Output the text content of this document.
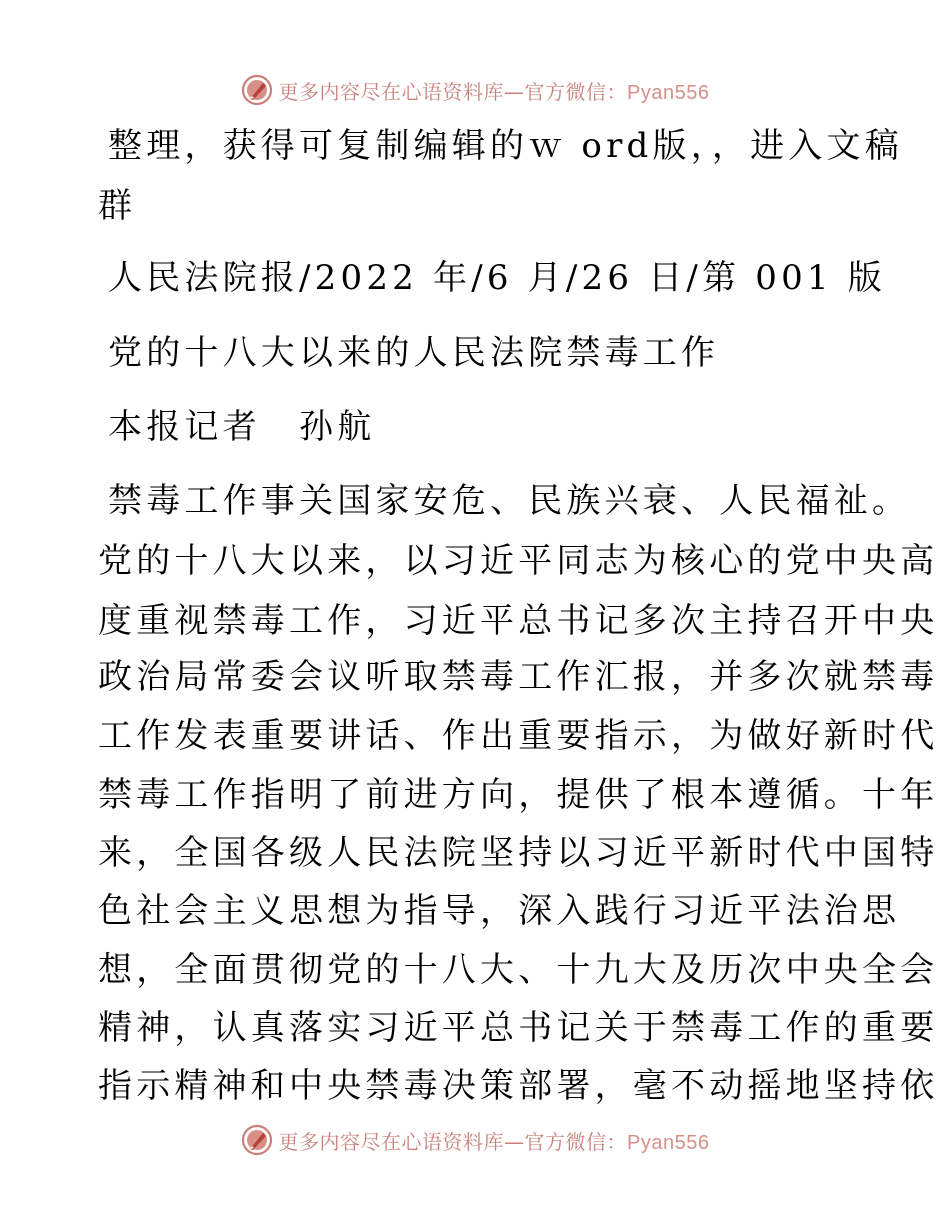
更多内容尽在心语资料库—官方微信：Pyan556
整理，获得可复制编辑的ｗ ord版，，进入文稿
群
人民法院报/2022 年/6 月/26 日/第 001 版
党的十八大以来的人民法院禁毒工作
本报记者　孙航
禁毒工作事关国家安危、民族兴衰、人民福祉。
党的十八大以来，以习近平同志为核心的党中央高
度重视禁毒工作，习近平总书记多次主持召开中央
政治局常委会议听取禁毒工作汇报，并多次就禁毒
工作发表重要讲话、作出重要指示，为做好新时代
禁毒工作指明了前进方向，提供了根本遵循。十年
来，全国各级人民法院坚持以习近平新时代中国特
色社会主义思想为指导，深入践行习近平法治思
想，全面贯彻党的十八大、十九大及历次中央全会
精神，认真落实习近平总书记关于禁毒工作的重要
指示精神和中央禁毒决策部署，毫不动摇地坚持依
更多内容尽在心语资料库—官方微信：Pyan556
